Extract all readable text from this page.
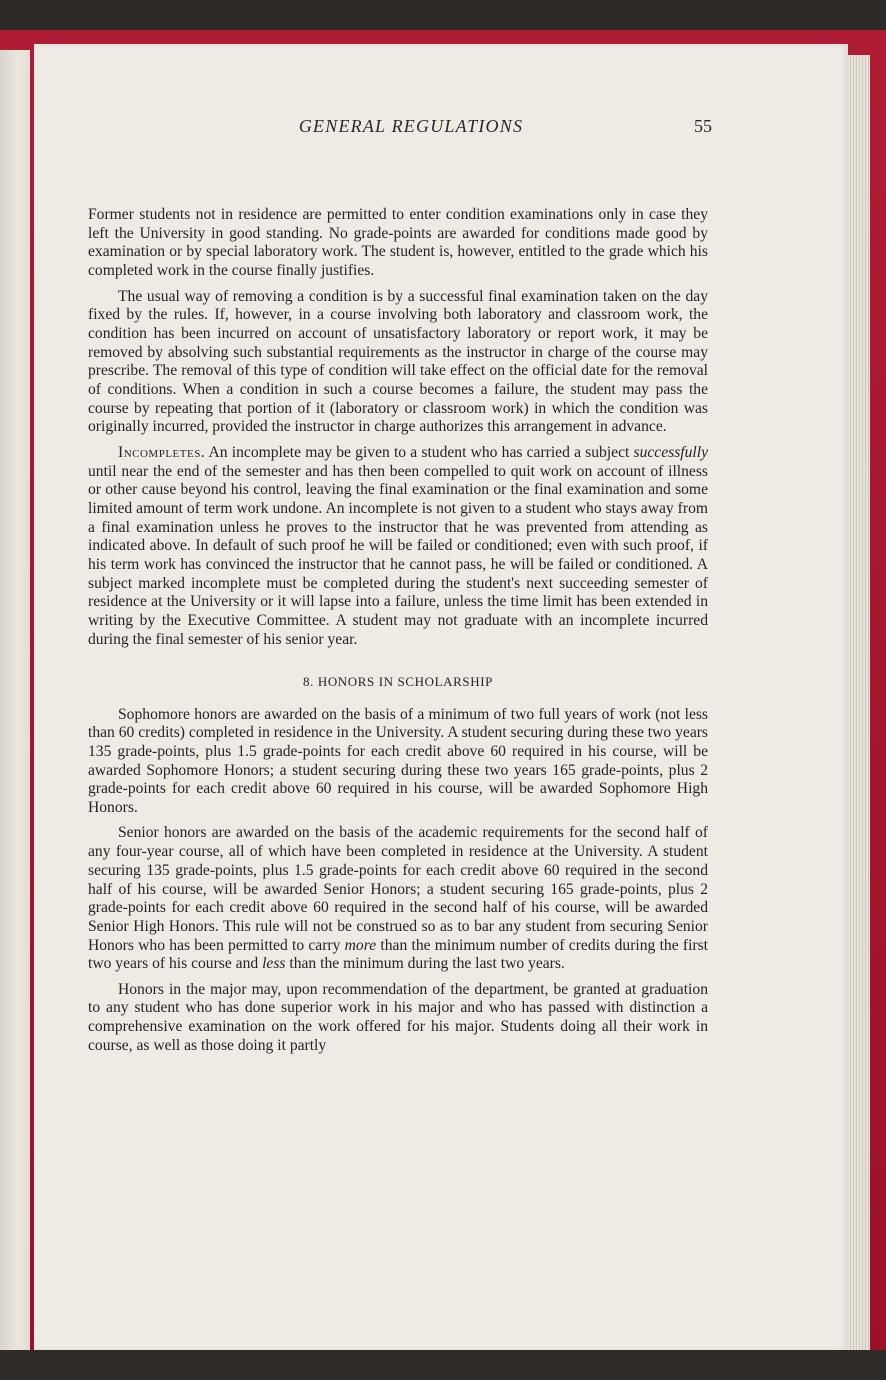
GENERAL REGULATIONS	55

Former students not in residence are permitted to enter condition examinations only in case they left the University in good standing. No grade-points are awarded for conditions made good by examination or by special laboratory work. The student is, however, entitled to the grade which his completed work in the course finally justifies.

The usual way of removing a condition is by a successful final examination taken on the day fixed by the rules. If, however, in a course involving both laboratory and classroom work, the condition has been incurred on account of unsatisfactory laboratory or report work, it may be removed by absolving such substantial requirements as the instructor in charge of the course may prescribe. The removal of this type of condition will take effect on the official date for the removal of conditions. When a condition in such a course becomes a failure, the student may pass the course by repeating that portion of it (laboratory or classroom work) in which the condition was originally incurred, provided the instructor in charge authorizes this arrangement in advance.

Incompletes. An incomplete may be given to a student who has carried a subject successfully until near the end of the semester and has then been compelled to quit work on account of illness or other cause beyond his control, leaving the final examination or the final examination and some limited amount of term work undone. An incomplete is not given to a student who stays away from a final examination unless he proves to the instructor that he was prevented from attending as indicated above. In default of such proof he will be failed or conditioned; even with such proof, if his term work has convinced the instructor that he cannot pass, he will be failed or conditioned. A subject marked incomplete must be completed during the student's next succeeding semester of residence at the University or it will lapse into a failure, unless the time limit has been extended in writing by the Executive Committee. A student may not graduate with an incomplete incurred during the final semester of his senior year.

8. HONORS IN SCHOLARSHIP

Sophomore honors are awarded on the basis of a minimum of two full years of work (not less than 60 credits) completed in residence in the University. A student securing during these two years 135 grade-points, plus 1.5 grade-points for each credit above 60 required in his course, will be awarded Sophomore Honors; a student securing during these two years 165 grade-points, plus 2 grade-points for each credit above 60 required in his course, will be awarded Sophomore High Honors.

Senior honors are awarded on the basis of the academic requirements for the second half of any four-year course, all of which have been completed in residence at the University. A student securing 135 grade-points, plus 1.5 grade-points for each credit above 60 required in the second half of his course, will be awarded Senior Honors; a student securing 165 grade-points, plus 2 grade-points for each credit above 60 required in the second half of his course, will be awarded Senior High Honors. This rule will not be construed so as to bar any student from securing Senior Honors who has been permitted to carry more than the minimum number of credits during the first two years of his course and less than the minimum during the last two years.

Honors in the major may, upon recommendation of the department, be granted at graduation to any student who has done superior work in his major and who has passed with distinction a comprehensive examination on the work offered for his major. Students doing all their work in course, as well as those doing it partly
